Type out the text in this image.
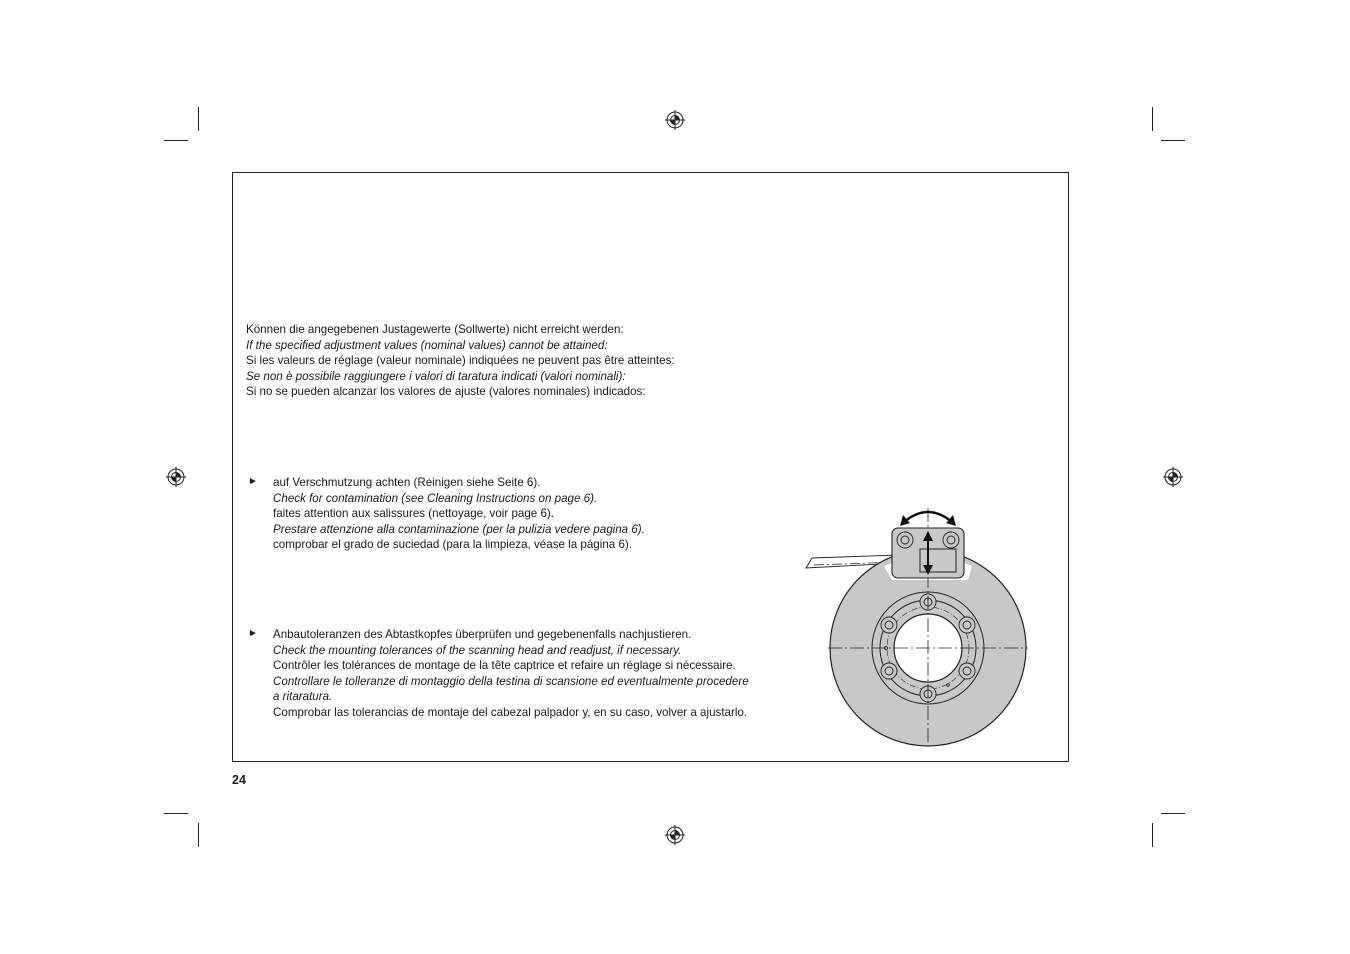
Können die angegebenen Justagewerte (Sollwerte) nicht erreicht werden:
If the specified adjustment values (nominal values) cannot be attained:
Si les valeurs de réglage (valeur nominale) indiquées ne peuvent pas être atteintes:
Se non è possibile raggiungere i valori di taratura indicati (valori nominali):
Si no se pueden alcanzar los valores de ajuste (valores nominales) indicados:
► auf Verschmutzung achten (Reinigen siehe Seite 6).
Check for contamination (see Cleaning Instructions on page 6).
faites attention aux salissures (nettoyage, voir page 6).
Prestare attenzione alla contaminazione (per la pulizia vedere pagina 6).
comprobar el grado de suciedad (para la limpieza, véase la página 6).
► Anbautoleranzen des Abtastkopfes überprüfen und gegebenenfalls nachjustieren.
Check the mounting tolerances of the scanning head and readjust, if necessary.
Contrôler les tolérances de montage de la tête captrice et refaire un réglage si nécessaire.
Controllare le tolleranze di montaggio della testina di scansione ed eventualmente procedere
a ritaratura.
Comprobar las tolerancias de montaje del cabezal palpador y, en su caso, volver a ajustarlo.
24
